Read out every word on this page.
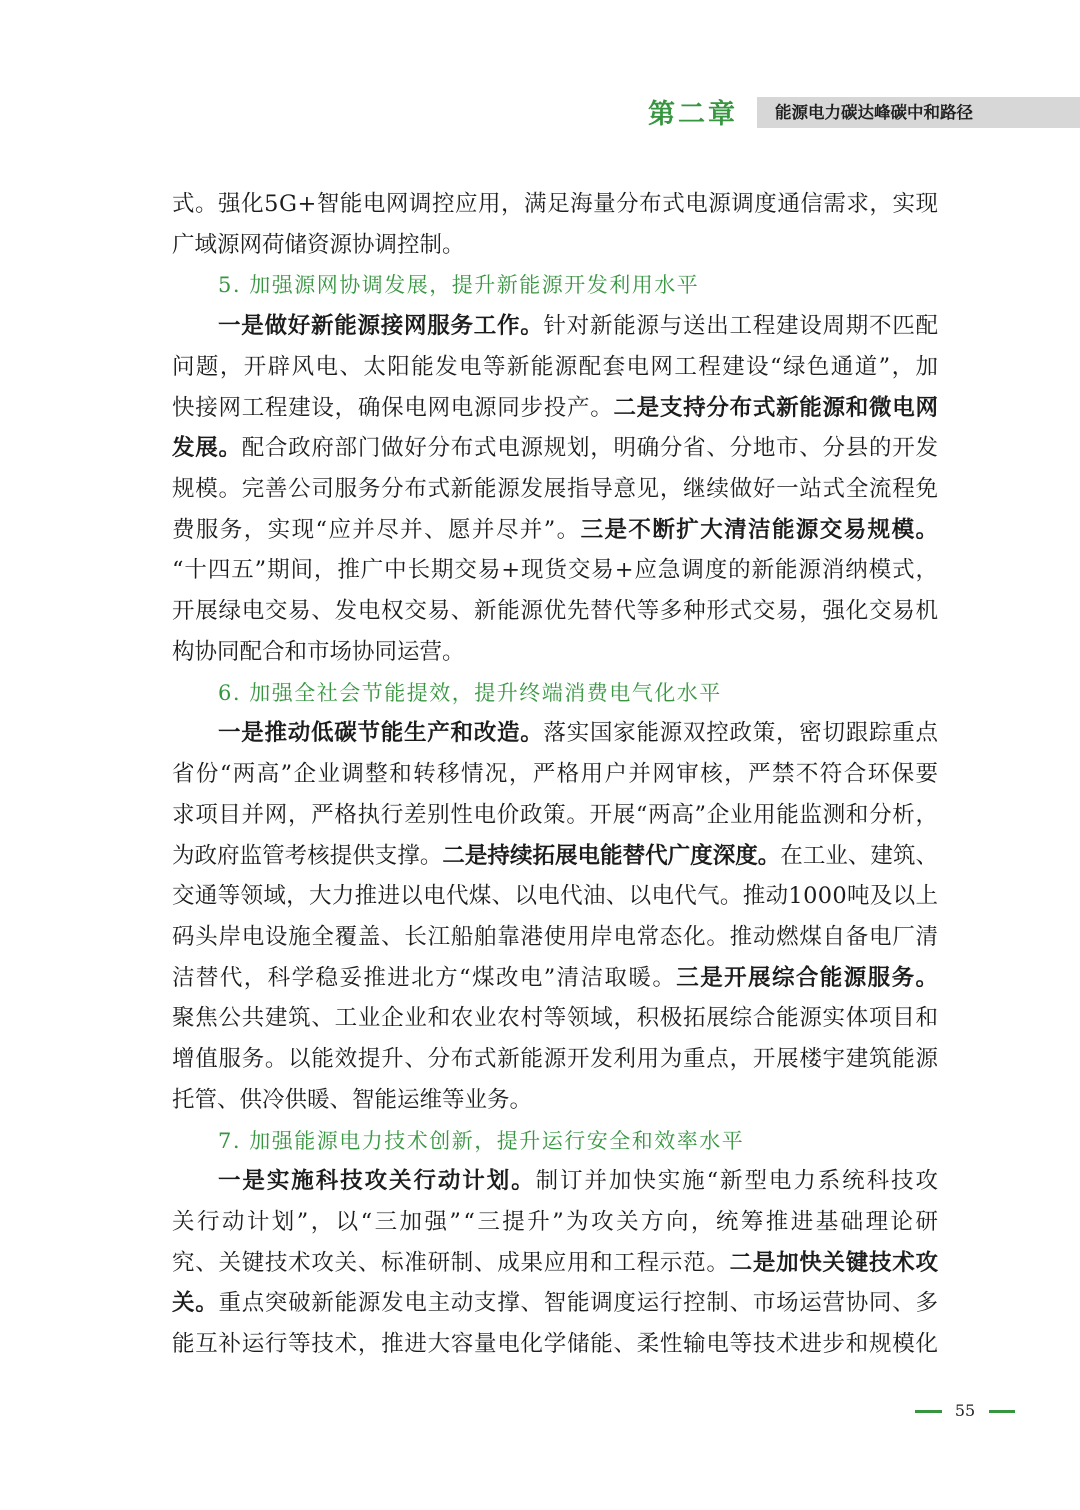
第二章	能源电力碳达峰碳中和路径
式。强化5G+智能电网调控应用，满足海量分布式电源调度通信需求，实现
广域源网荷储资源协调控制。
5. 加强源网协调发展，提升新能源开发利用水平
一是做好新能源接网服务工作。针对新能源与送出工程建设周期不匹配
问题，开辟风电、太阳能发电等新能源配套电网工程建设“绿色通道”，加
快接网工程建设，确保电网电源同步投产。二是支持分布式新能源和微电网
发展。配合政府部门做好分布式电源规划，明确分省、分地市、分县的开发
规模。完善公司服务分布式新能源发展指导意见，继续做好一站式全流程免
费服务，实现“应并尽并、愿并尽并”。三是不断扩大清洁能源交易规模。
“十四五”期间，推广中长期交易+现货交易+应急调度的新能源消纳模式，
开展绿电交易、发电权交易、新能源优先替代等多种形式交易，强化交易机
构协同配合和市场协同运营。
6. 加强全社会节能提效，提升终端消费电气化水平
一是推动低碳节能生产和改造。落实国家能源双控政策，密切跟踪重点
省份“两高”企业调整和转移情况，严格用户并网审核，严禁不符合环保要
求项目并网，严格执行差别性电价政策。开展“两高”企业用能监测和分析，
为政府监管考核提供支撑。二是持续拓展电能替代广度深度。在工业、建筑、
交通等领域，大力推进以电代煤、以电代油、以电代气。推动1000吨及以上
码头岸电设施全覆盖、长江船舶靠港使用岸电常态化。推动燃煤自备电厂清
洁替代，科学稳妥推进北方“煤改电”清洁取暖。三是开展综合能源服务。
聚焦公共建筑、工业企业和农业农村等领域，积极拓展综合能源实体项目和
增值服务。以能效提升、分布式新能源开发利用为重点，开展楼宇建筑能源
托管、供冷供暖、智能运维等业务。
7. 加强能源电力技术创新，提升运行安全和效率水平
一是实施科技攻关行动计划。制订并加快实施“新型电力系统科技攻
关行动计划”，以“三加强”“三提升”为攻关方向，统筹推进基础理论研
究、关键技术攻关、标准研制、成果应用和工程示范。二是加快关键技术攻
关。重点突破新能源发电主动支撑、智能调度运行控制、市场运营协同、多
能互补运行等技术，推进大容量电化学储能、柔性输电等技术进步和规模化
55
